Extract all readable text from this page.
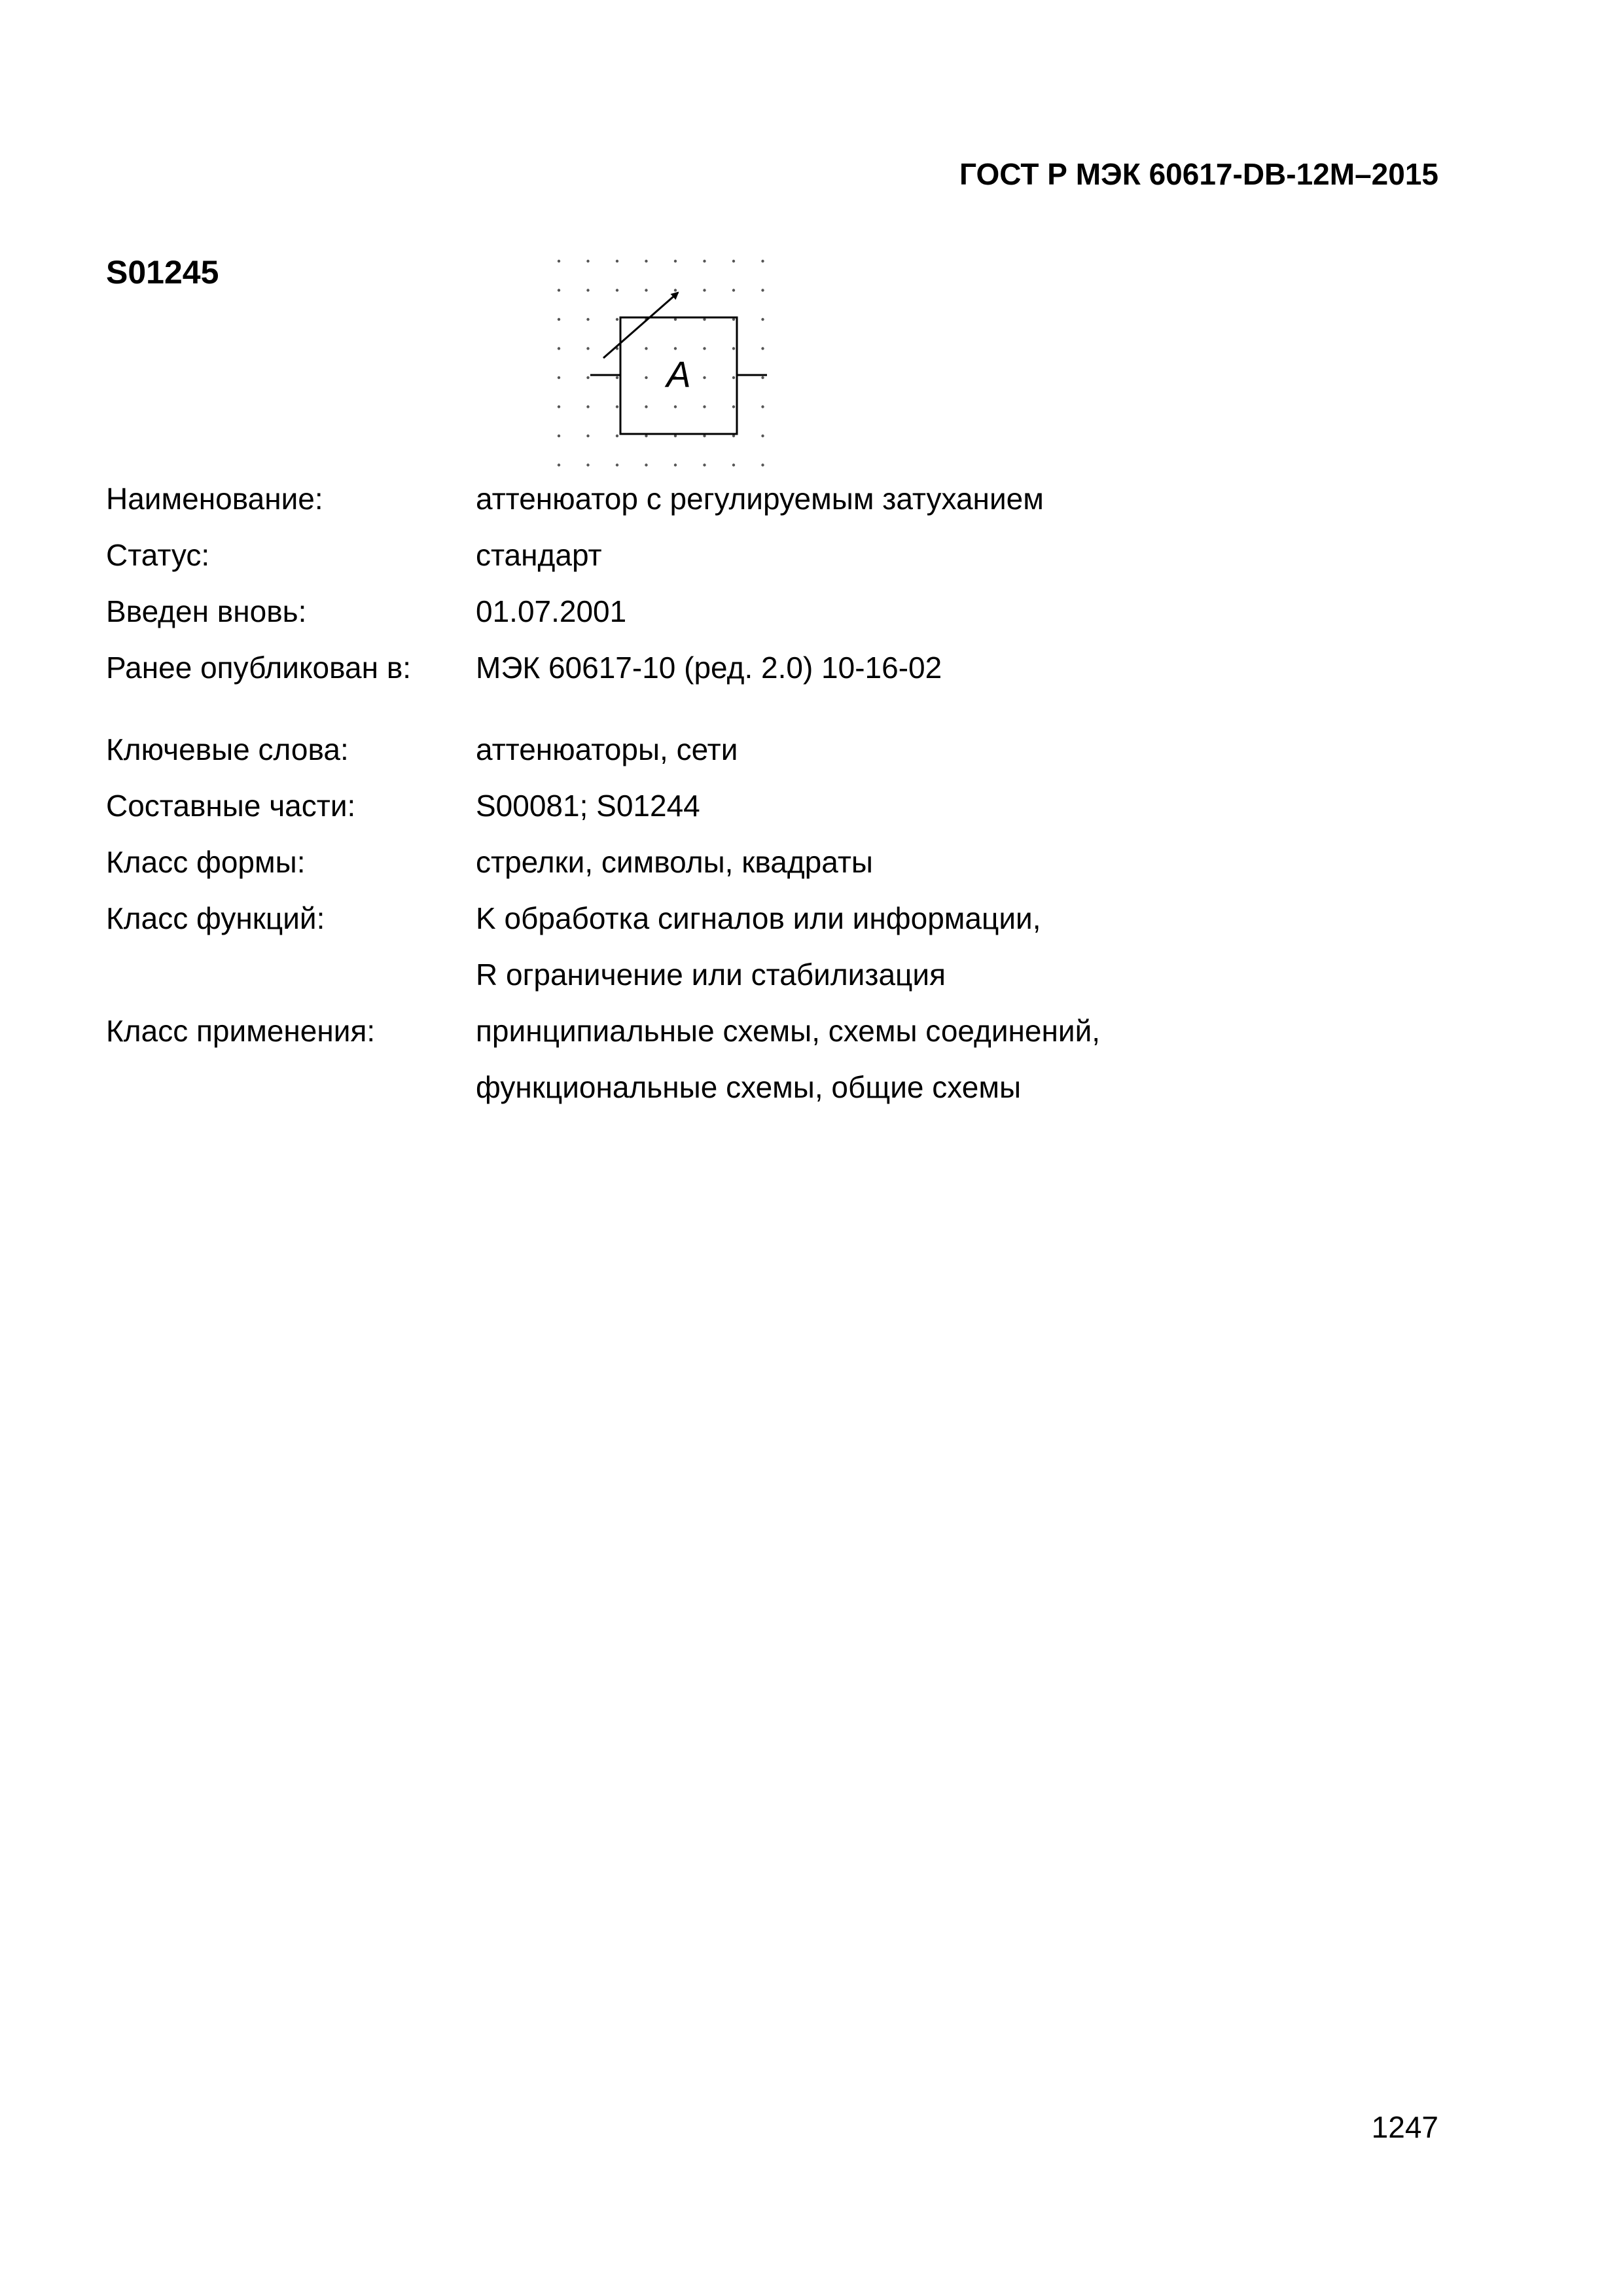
ГОСТ Р МЭК 60617-DB-12М–2015
S01245
A
Наименование:	аттенюатор с регулируемым затуханием
Статус:	стандарт
Введен вновь:	01.07.2001
Ранее опубликован в: МЭК 60617-10 (ред. 2.0) 10-16-02
Ключевые слова:	аттенюаторы, сети
Составные части:	S00081; S01244
Класс формы:	стрелки, символы, квадраты
Класс функций:	K обработка сигналов или информации,
R ограничение или стабилизация
Класс применения:	принципиальные схемы, схемы соединений,
функциональные схемы, общие схемы
1247
